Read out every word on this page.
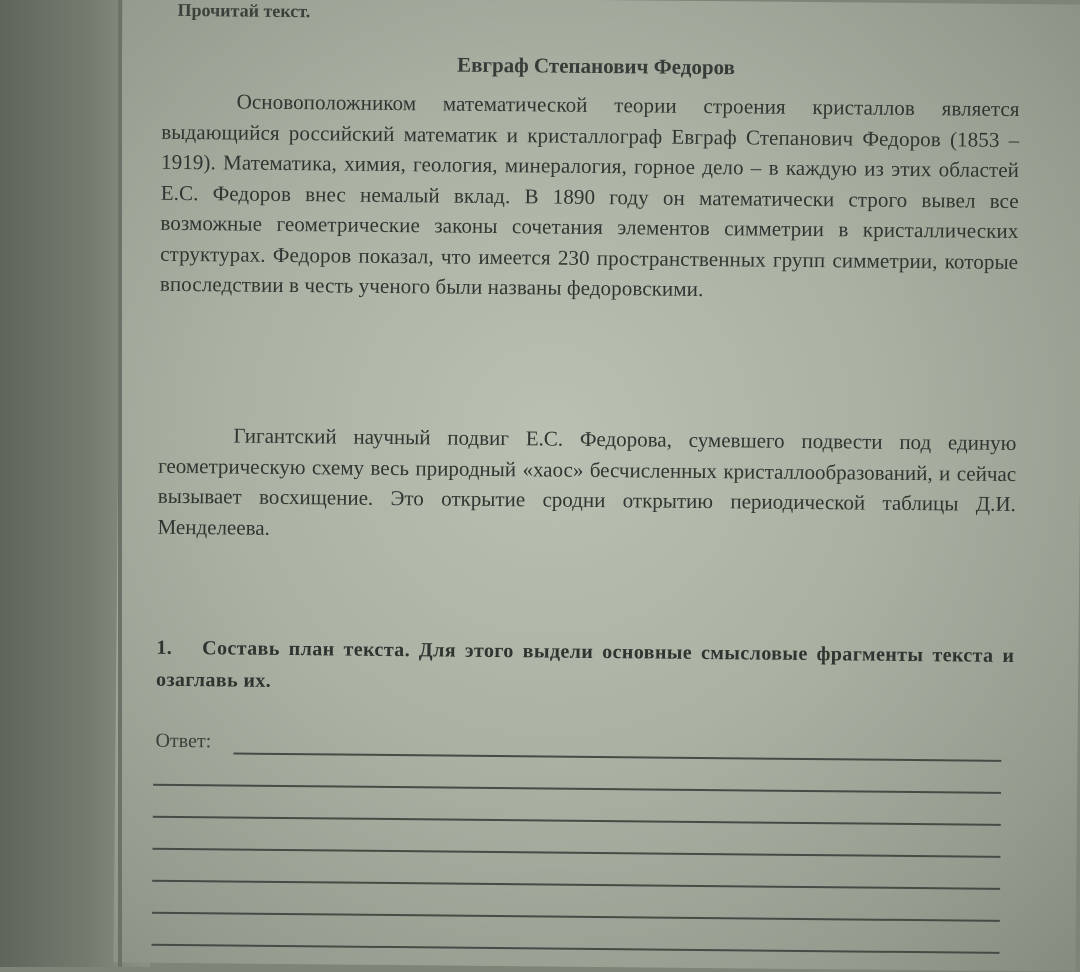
Прочитай текст.
Евграф Степанович Федоров

Основоположником математической теории строения кристаллов является выдающийся российский математик и кристаллограф Евграф Степанович Федоров (1853 – 1919). Математика, химия, геология, минералогия, горное дело – в каждую из этих областей Е.С. Федоров внес немалый вклад. В 1890 году он математически строго вывел все возможные геометрические законы сочетания элементов симметрии в кристаллических структурах. Федоров показал, что имеется 230 пространственных групп симметрии, которые впоследствии в честь ученого были названы федоровскими.

Гигантский научный подвиг Е.С. Федорова, сумевшего подвести под единую геометрическую схему весь природный «хаос» бесчисленных кристаллообразований, и сейчас вызывает восхищение. Это открытие сродни открытию периодической таблицы Д.И. Менделеева.

1. Составь план текста. Для этого выдели основные смысловые фрагменты текста и озаглавь их.
Ответ:
